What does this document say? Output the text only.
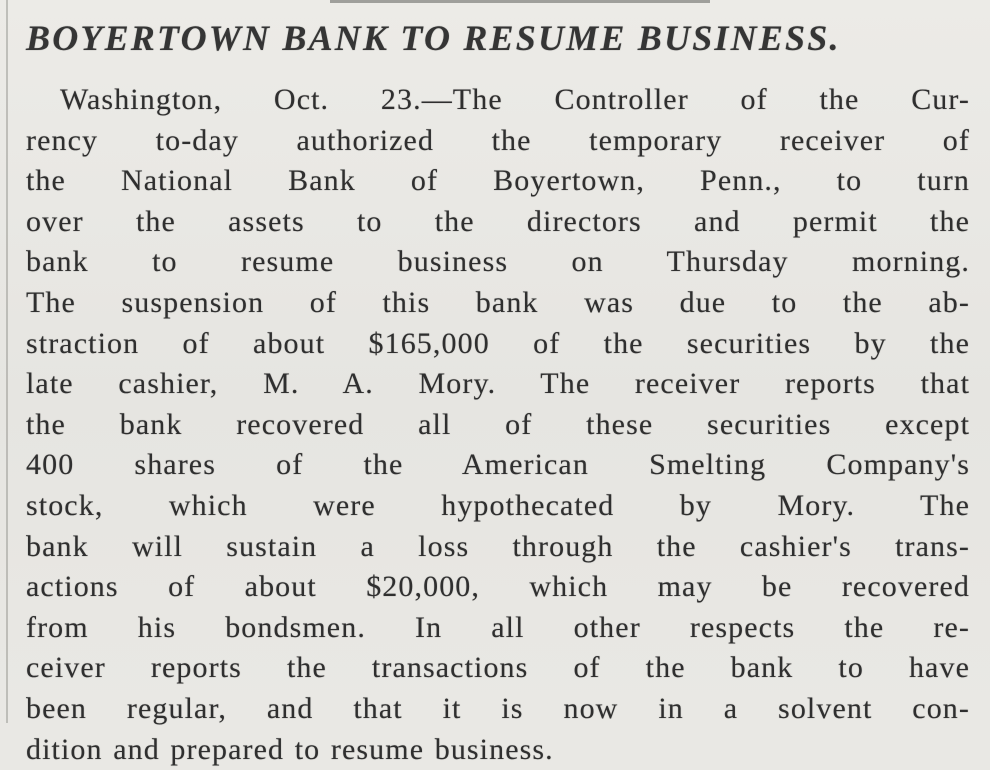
BOYERTOWN BANK TO RESUME BUSINESS.
Washington, Oct. 23.—The Controller of the Cur-
rency to-day authorized the temporary receiver of
the National Bank of Boyertown, Penn., to turn
over the assets to the directors and permit the
bank to resume business on Thursday morning.
The suspension of this bank was due to the ab-
straction of about $165,000 of the securities by the
late cashier, M. A. Mory. The receiver reports that
the bank recovered all of these securities except
400 shares of the American Smelting Company's
stock, which were hypothecated by Mory. The
bank will sustain a loss through the cashier's trans-
actions of about $20,000, which may be recovered
from his bondsmen. In all other respects the re-
ceiver reports the transactions of the bank to have
been regular, and that it is now in a solvent con-
dition and prepared to resume business.
